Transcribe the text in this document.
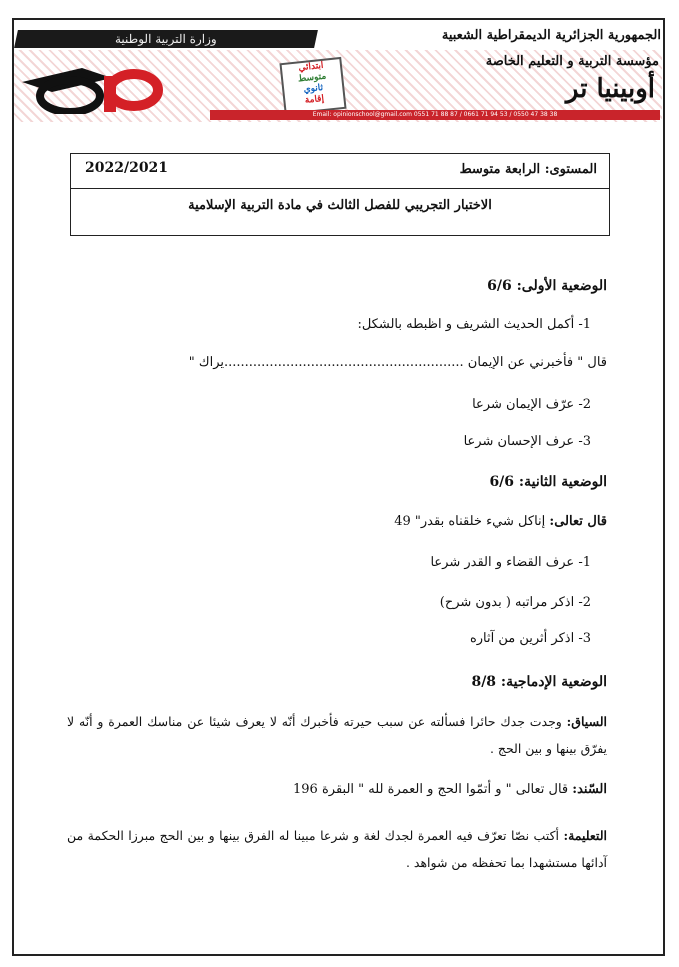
وزارة التربية الوطنية	الجمهورية الجزائرية الديمقراطية الشعبية
ابتدائي
متوسط
ثانوي
إقامة
مؤسسة التربية و التعليم الخاصة
أوبينيا تر
Email: opinionschool@gmail.com 0551 71 88 87 / 0661 71 94 53 / 0550 47 38 38
المستوى: الرابعة متوسط
2022/2021
الاختبار التجريبي للفصل الثالث في مادة التربية الإسلامية
الوضعية الأولى: 6/6
1- أكمل الحديث الشريف و اظبطه بالشكل:
قال " فأخبرني عن الإيمان ..........................................................يراك "
2- عرّف الإيمان شرعا
3- عرف الإحسان شرعا
الوضعية الثانية: 6/6
قال تعالى: إناكل شيء خلقناه بقدر" 49
1- عرف القضاء و القدر شرعا
2- اذكر مراتبه ( بدون شرح)
3- اذكر أثرين من آثاره
الوضعية الإدماجية: 8/8
السياق: وجدت جدك حائرا فسألته عن سبب حيرته فأخبرك أنّه لا يعرف شيئا عن مناسك العمرة و أنّه لا يفرّق بينها و بين الحج .
السّند: قال تعالى " و أتمّوا الحج و العمرة لله " البقرة 196
التعليمة: أكتب نصّا تعرّف فيه العمرة لجدك لغة و شرعا مبينا له الفرق بينها و بين الحج مبرزا الحكمة من آدائها مستشهدا بما تحفظه من شواهد .
